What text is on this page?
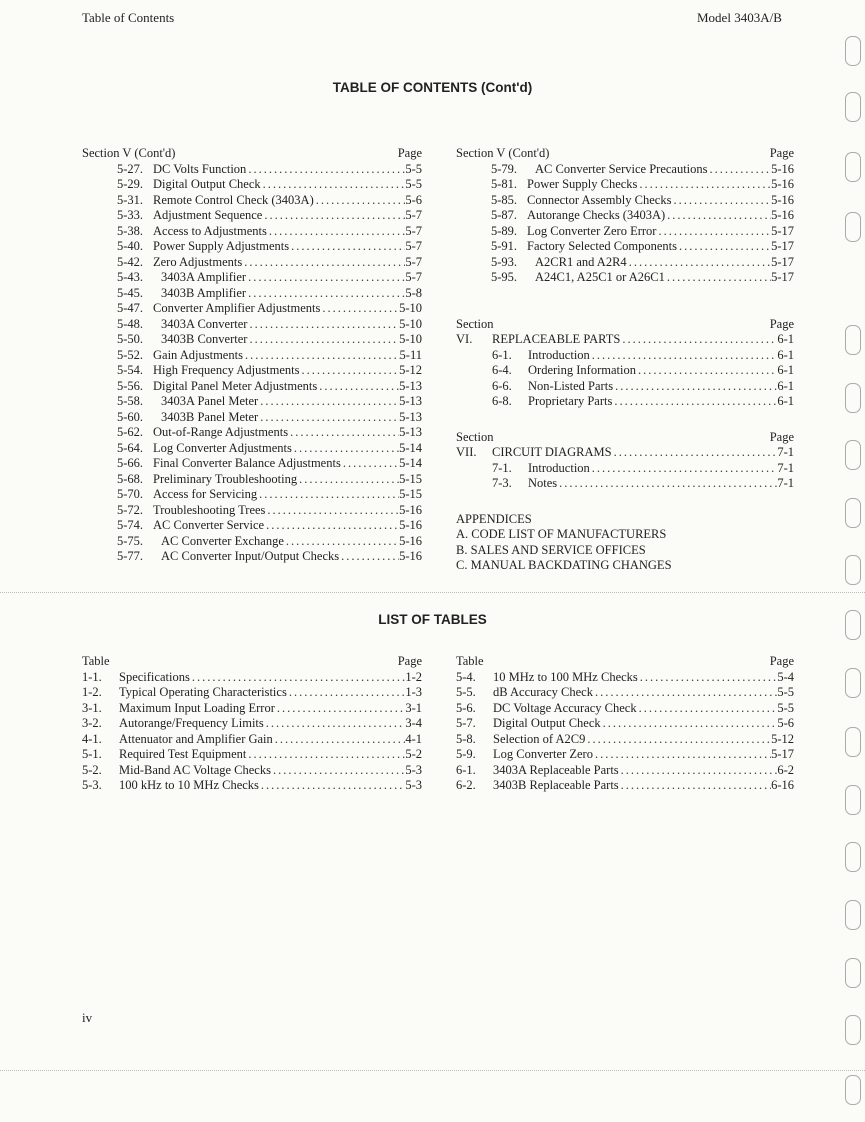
Table of Contents	Model 3403A/B
TABLE OF CONTENTS (Cont'd)
Section V (Cont'd)	Page
5-27. DC Volts Function .....	5-5
5-29. Digital Output Check .....	5-5
5-31. Remote Control Check (3403A) .....	5-6
5-33. Adjustment Sequence .....	5-7
5-38. Access to Adjustments .....	5-7
5-40. Power Supply Adjustments .....	5-7
5-42. Zero Adjustments .....	5-7
5-43.	3403A Amplifier .....	5-7
5-45.	3403B Amplifier .....	5-8
5-47. Converter Amplifier Adjustments .....	5-10
5-48.	3403A Converter .....	5-10
5-50.	3403B Converter .....	5-10
5-52. Gain Adjustments .....	5-11
5-54. High Frequency Adjustments .....	5-12
5-56. Digital Panel Meter Adjustments .....	5-13
5-58.	3403A Panel Meter .....	5-13
5-60.	3403B Panel Meter .....	5-13
5-62. Out-of-Range Adjustments .....	5-13
5-64. Log Converter Adjustments .....	5-14
5-66. Final Converter Balance Adjustments .....	5-14
5-68. Preliminary Troubleshooting .....	5-15
5-70. Access for Servicing .....	5-15
5-72. Troubleshooting Trees .....	5-16
5-74. AC Converter Service .....	5-16
5-75.	AC Converter Exchange .....	5-16
5-77.	AC Converter Input/Output Checks .....	5-16
Section V (Cont'd)	Page
5-79.	AC Converter Service Precautions .....	5-16
5-81. Power Supply Checks .....	5-16
5-85. Connector Assembly Checks .....	5-16
5-87. Autorange Checks (3403A) .....	5-16
5-89. Log Converter Zero Error .....	5-17
5-91. Factory Selected Components .....	5-17
5-93.	A2CR1 and A2R4 .....	5-17
5-95.	A24C1, A25C1 or A26C1 .....	5-17
Section	Page
VI.	REPLACEABLE PARTS .....	6-1
6-1.	Introduction .....	6-1
6-4.	Ordering Information .....	6-1
6-6.	Non-Listed Parts .....	6-1
6-8.	Proprietary Parts .....	6-1
Section	Page
VII.	CIRCUIT DIAGRAMS .....	7-1
7-1.	Introduction .....	7-1
7-3.	Notes .....	7-1
APPENDICES
A. CODE LIST OF MANUFACTURERS
B. SALES AND SERVICE OFFICES
C. MANUAL BACKDATING CHANGES
LIST OF TABLES
Table	Page
1-1.	Specifications .....	1-2
1-2.	Typical Operating Characteristics .....	1-3
3-1.	Maximum Input Loading Error .....	3-1
3-2.	Autorange/Frequency Limits .....	3-4
4-1.	Attenuator and Amplifier Gain .....	4-1
5-1.	Required Test Equipment .....	5-2
5-2.	Mid-Band AC Voltage Checks .....	5-3
5-3.	100 kHz to 10 MHz Checks .....	5-3
Table	Page
5-4.	10 MHz to 100 MHz Checks .....	5-4
5-5.	dB Accuracy Check .....	5-5
5-6.	DC Voltage Accuracy Check .....	5-5
5-7.	Digital Output Check .....	5-6
5-8.	Selection of A2C9 .....	5-12
5-9.	Log Converter Zero .....	5-17
6-1.	3403A Replaceable Parts .....	6-2
6-2.	3403B Replaceable Parts .....	6-16
iv
